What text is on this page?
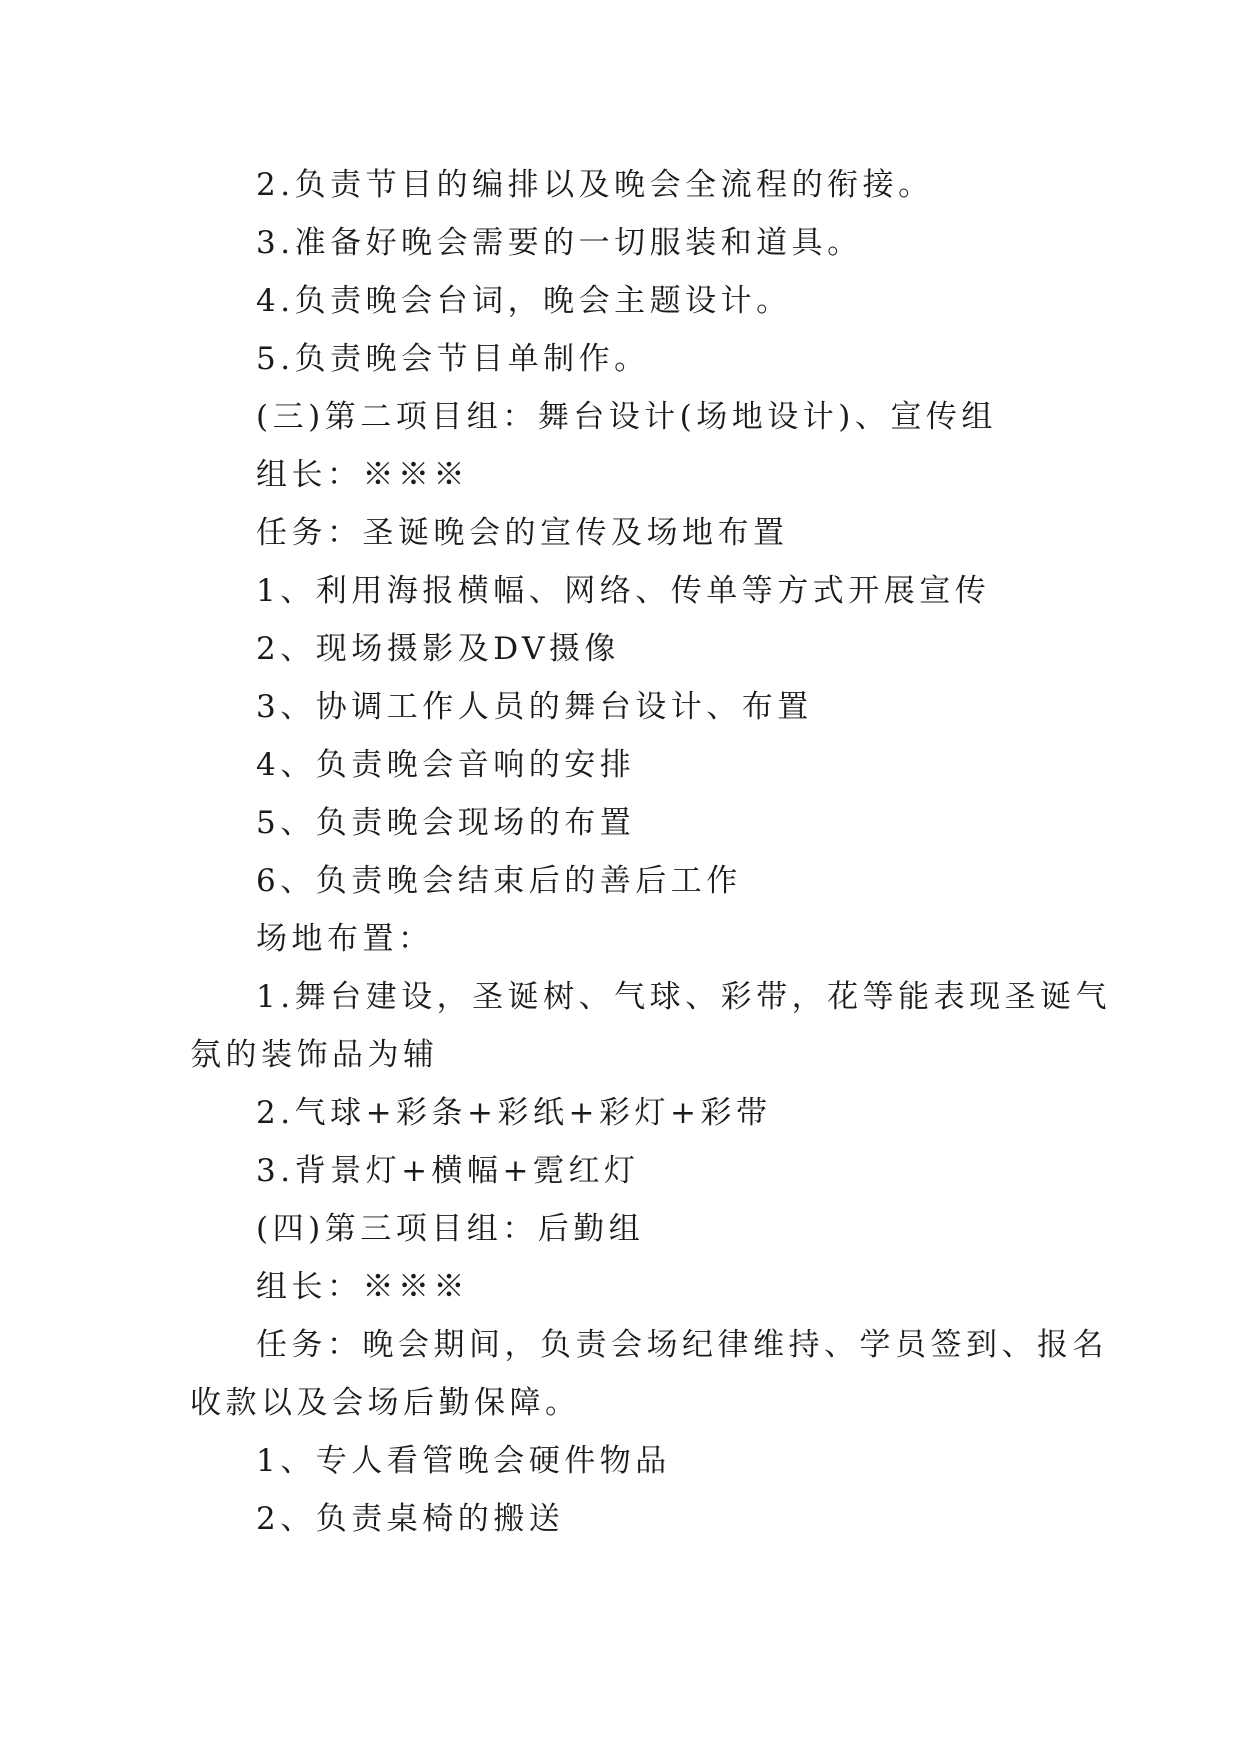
2.负责节目的编排以及晚会全流程的衔接。
3.准备好晚会需要的一切服装和道具。
4.负责晚会台词，晚会主题设计。
5.负责晚会节目单制作。
(三)第二项目组：舞台设计(场地设计)、宣传组
组长：※※※
任务：圣诞晚会的宣传及场地布置
1、利用海报横幅、网络、传单等方式开展宣传
2、现场摄影及DV摄像
3、协调工作人员的舞台设计、布置
4、负责晚会音响的安排
5、负责晚会现场的布置
6、负责晚会结束后的善后工作
场地布置：
1.舞台建设，圣诞树、气球、彩带，花等能表现圣诞气
氛的装饰品为辅
2.气球+彩条+彩纸+彩灯+彩带
3.背景灯+横幅+霓红灯
(四)第三项目组：后勤组
组长：※※※
任务：晚会期间，负责会场纪律维持、学员签到、报名
收款以及会场后勤保障。
1、专人看管晚会硬件物品
2、负责桌椅的搬送
